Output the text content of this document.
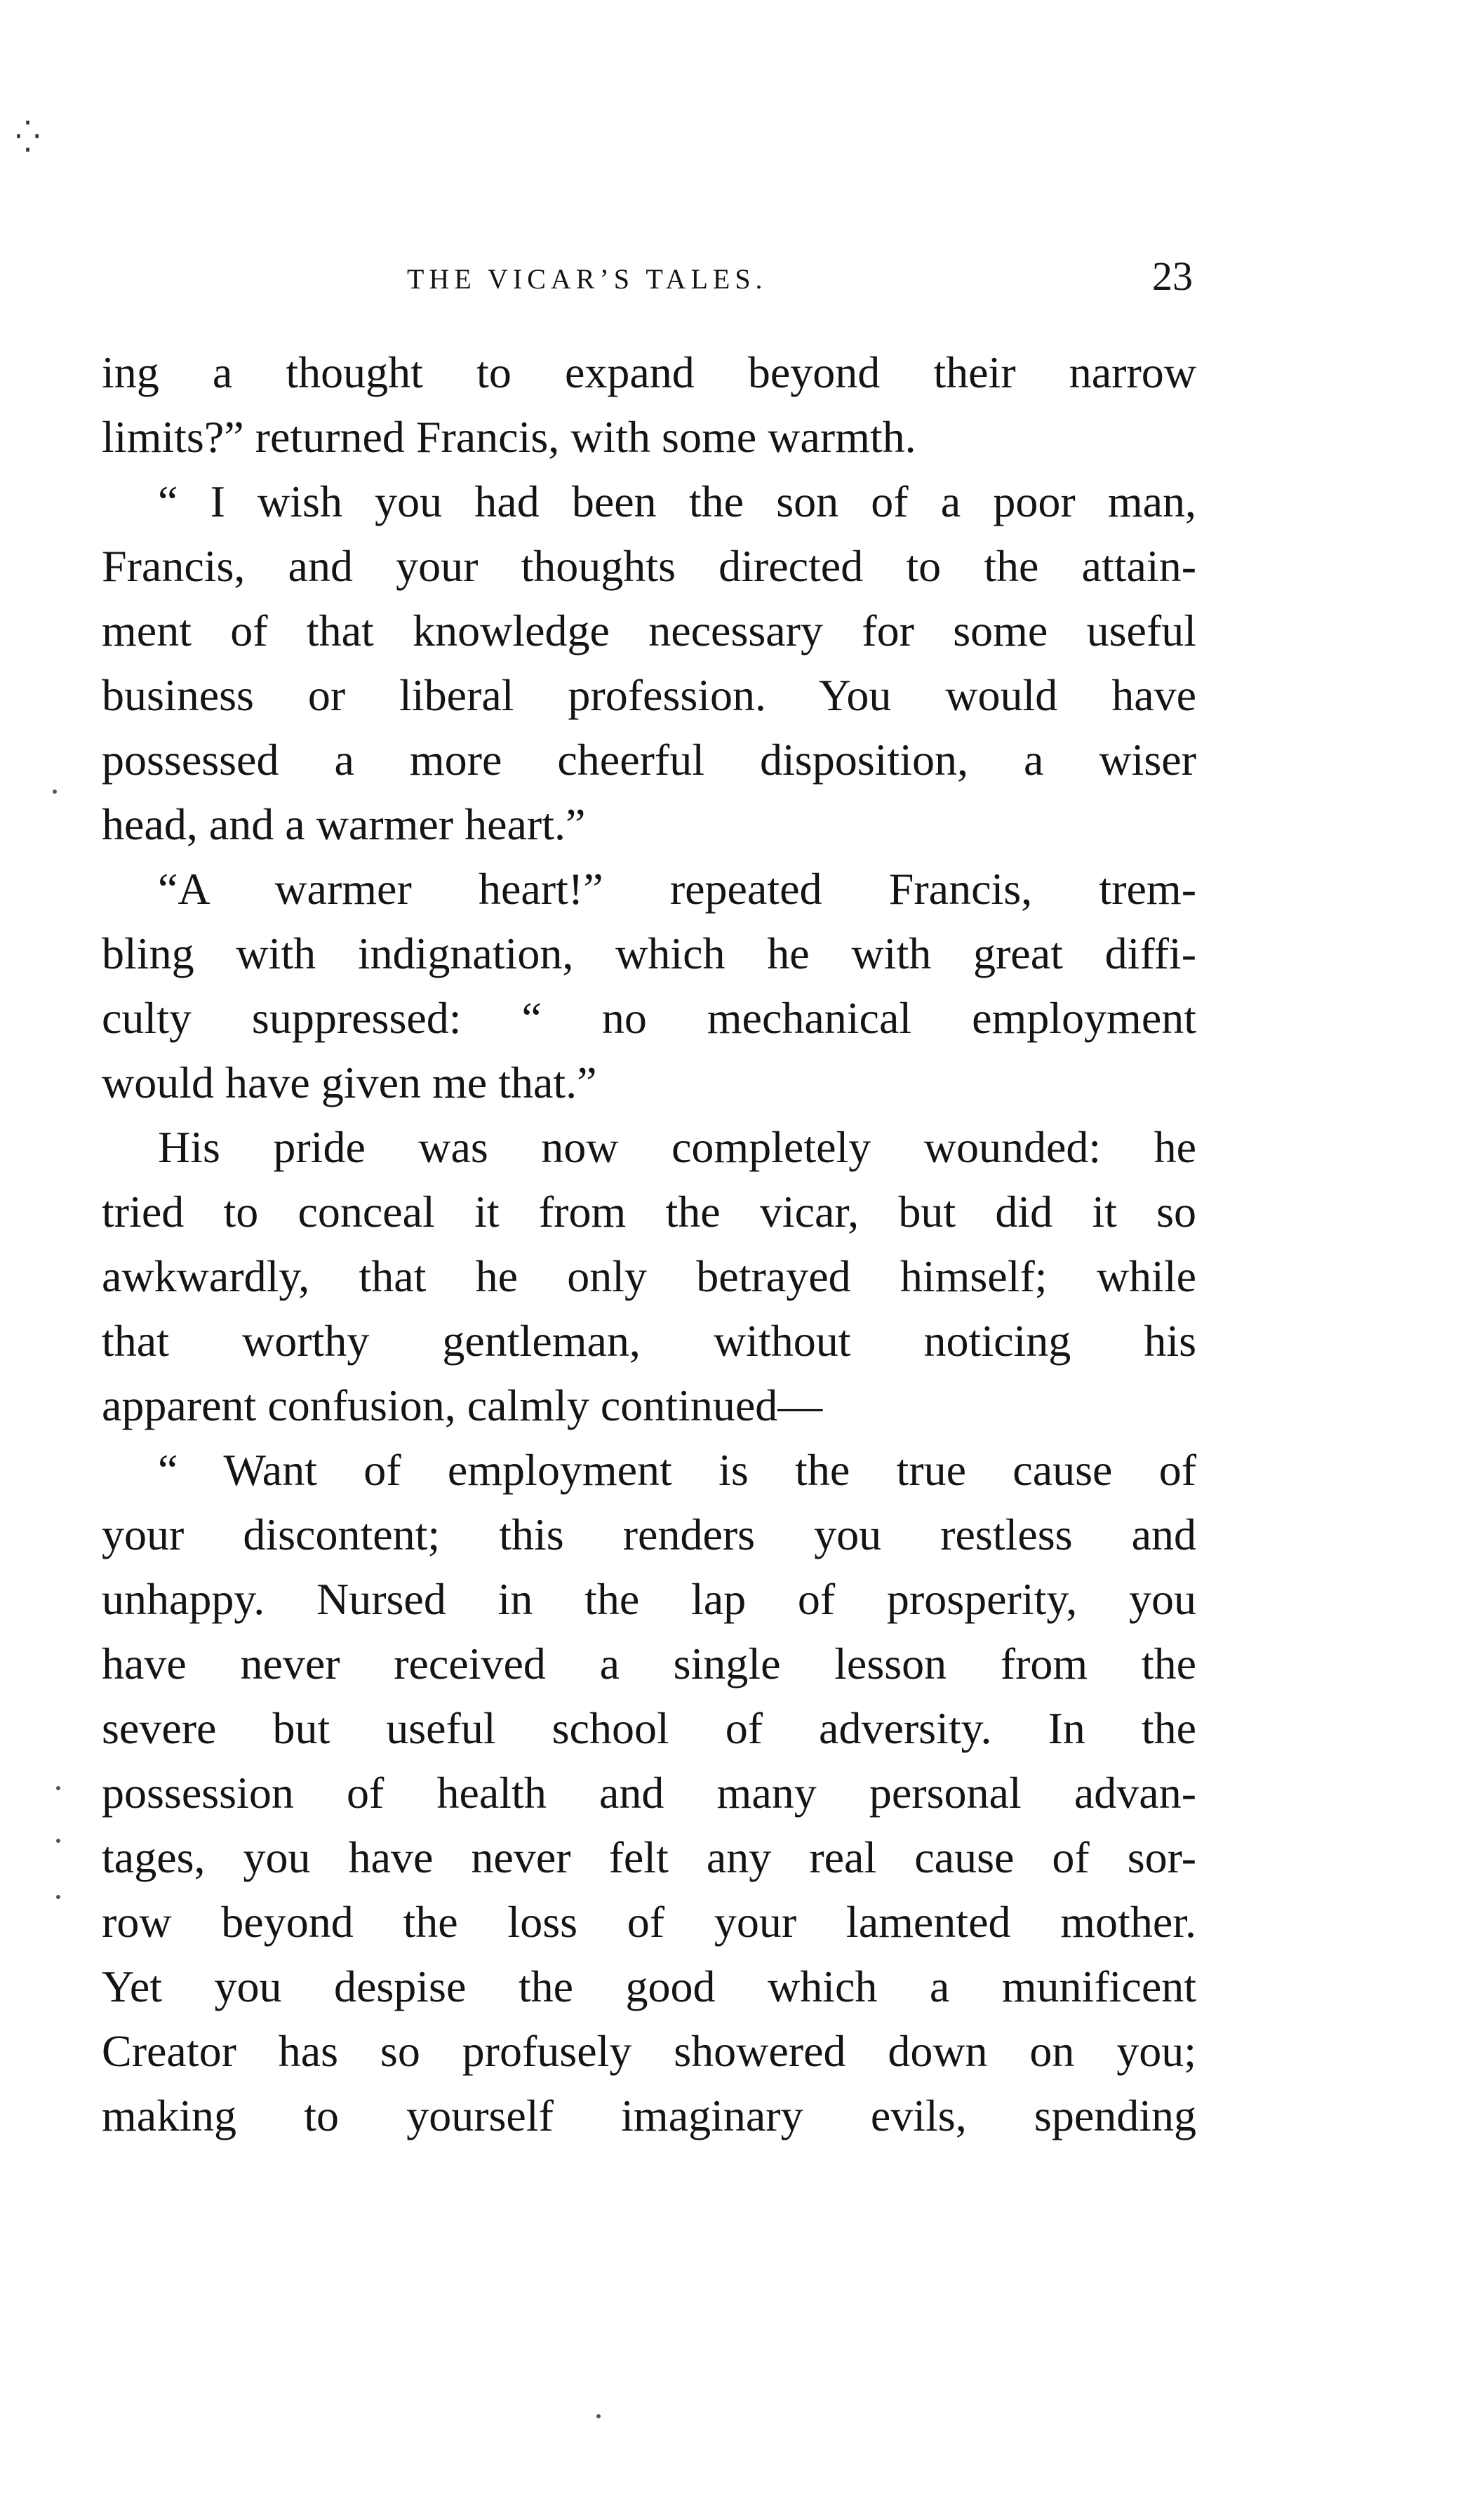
⁛
THE VICAR’S TALES.	23
ing a thought to expand beyond their narrow
limits?” returned Francis, with some warmth.
“ I wish you had been the son of a poor man,
Francis, and your thoughts directed to the attain-
ment of that knowledge necessary for some useful
business or liberal profession. You would have
possessed a more cheerful disposition, a wiser
head, and a warmer heart.”
“A warmer heart!” repeated Francis, trem-
bling with indignation, which he with great diffi-
culty suppressed: “ no mechanical employment
would have given me that.”
His pride was now completely wounded: he
tried to conceal it from the vicar, but did it so
awkwardly, that he only betrayed himself; while
that worthy gentleman, without noticing his
apparent confusion, calmly continued—
“ Want of employment is the true cause of
your discontent; this renders you restless and
unhappy. Nursed in the lap of prosperity, you
have never received a single lesson from the
severe but useful school of adversity. In the
possession of health and many personal advan-
tages, you have never felt any real cause of sor-
row beyond the loss of your lamented mother.
Yet you despise the good which a munificent
Creator has so profusely showered down on you;
making to yourself imaginary evils, spending
